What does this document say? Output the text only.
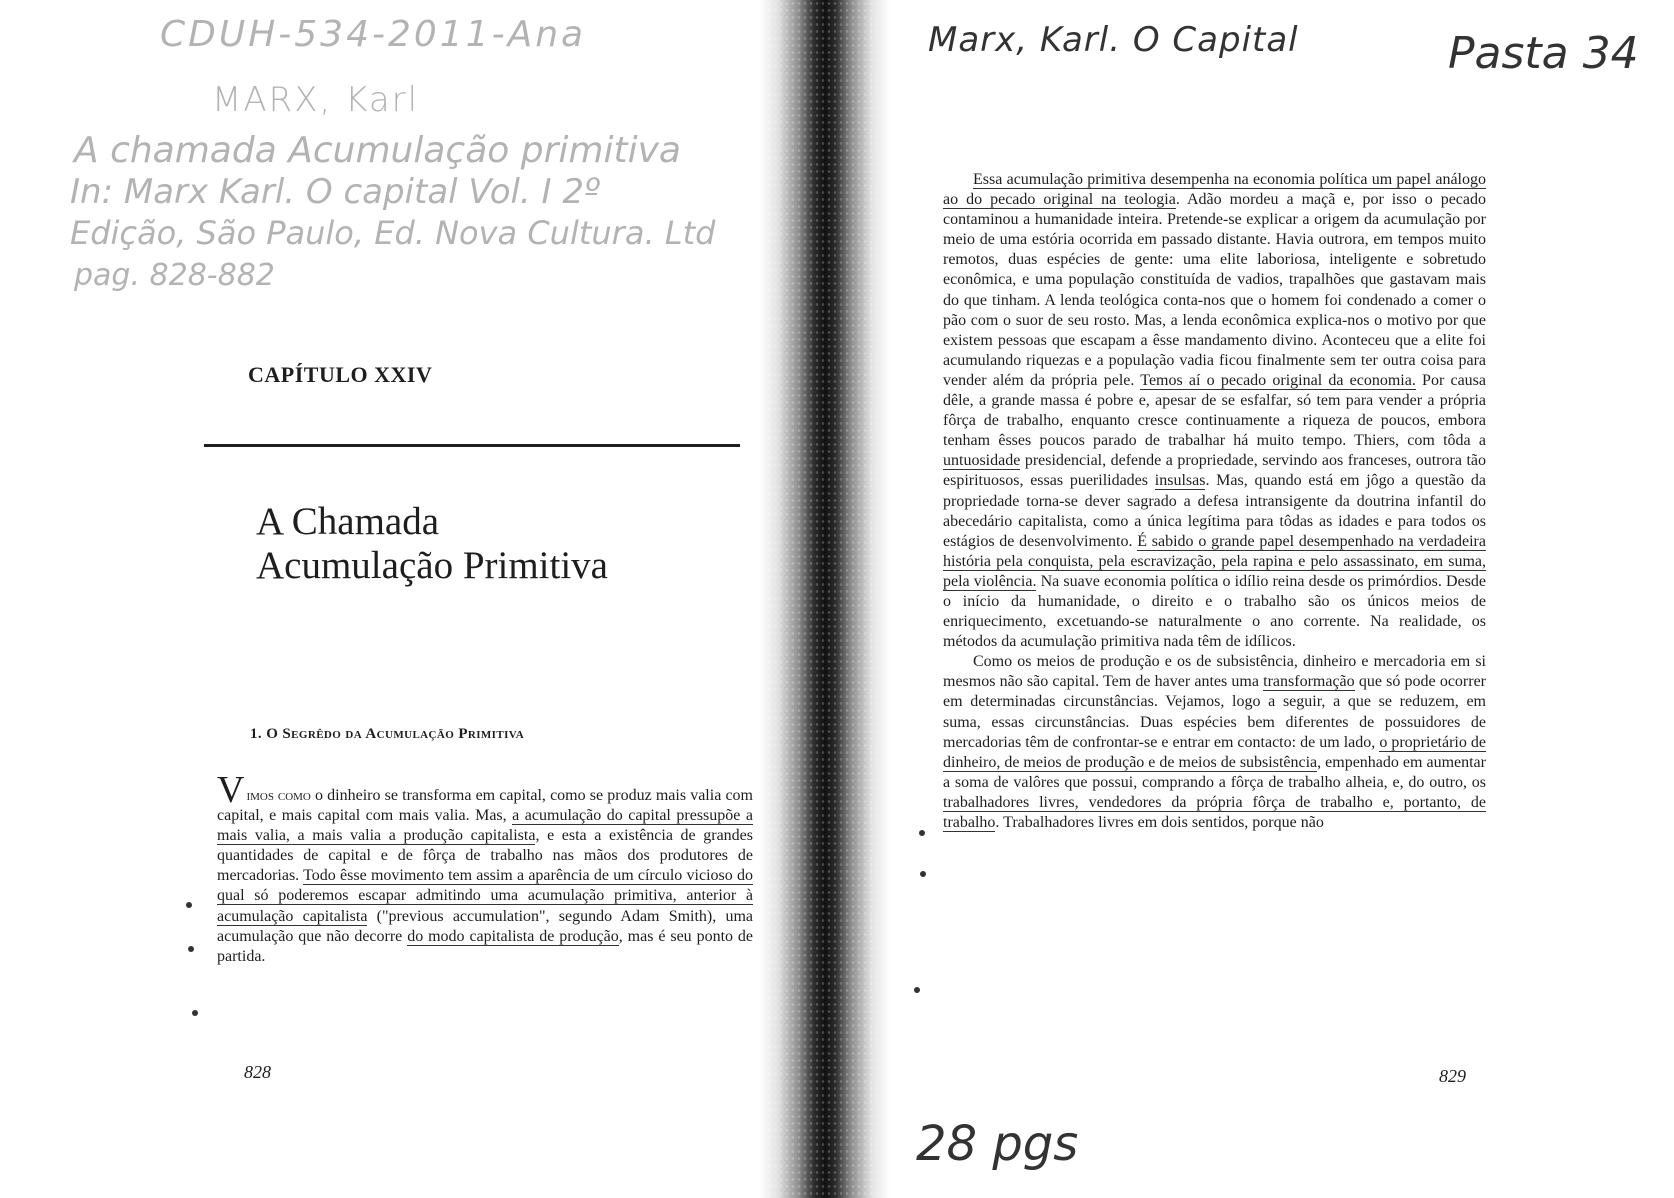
CDUH-534-2011-Ana
MARX, Karl
A chamada Acumulação primitiva
In: Marx Karl. O capital Vol. I 2º
Edição, São Paulo, Ed. Nova Cultura. Ltd
pag. 828-882
CAPÍTULO XXIV
A Chamada
Acumulação Primitiva
1. O Segrêdo da Acumulação Primitiva
Vimos como o dinheiro se transforma em capital, como se produz mais valia com capital, e mais capital com mais valia. Mas, a acumulação do capital pressupõe a mais valia, a mais valia a produção capitalista, e esta a existência de grandes quantidades de capital e de fôrça de trabalho nas mãos dos produtores de mercadorias. Todo êsse movimento tem assim a aparência de um círculo vicioso do qual só poderemos escapar admitindo uma acumulação primitiva, anterior à acumulação capitalista ("previous accumulation", segundo Adam Smith), uma acumulação que não decorre do modo capitalista de produção, mas é seu ponto de partida.
828
Marx, Karl. O Capital	Pasta 34
28 pgs

Essa acumulação primitiva desempenha na economia política um papel análogo ao do pecado original na teologia. Adão mordeu a maçã e, por isso o pecado contaminou a humanidade inteira. Pretende-se explicar a origem da acumulação por meio de uma estória ocorrida em passado distante. Havia outrora, em tempos muito remotos, duas espécies de gente: uma elite laboriosa, inteligente e sobretudo econômica, e uma população constituída de vadios, trapalhões que gastavam mais do que tinham. A lenda teológica conta-nos que o homem foi condenado a comer o pão com o suor de seu rosto. Mas, a lenda econômica explica-nos o motivo por que existem pessoas que escapam a êsse mandamento divino. Aconteceu que a elite foi acumulando riquezas e a população vadia ficou finalmente sem ter outra coisa para vender além da própria pele. Temos aí o pecado original da economia. Por causa dêle, a grande massa é pobre e, apesar de se esfalfar, só tem para vender a própria fôrça de trabalho, enquanto cresce continuamente a riqueza de poucos, embora tenham êsses poucos parado de trabalhar há muito tempo. Thiers, com tôda a untuosidade presidencial, defende a propriedade, servindo aos franceses, outrora tão espirituosos, essas puerilidades insulsas. Mas, quando está em jôgo a questão da propriedade torna-se dever sagrado a defesa intransigente da doutrina infantil do abecedário capitalista, como a única legítima para tôdas as idades e para todos os estágios de desenvolvimento. É sabido o grande papel desempenhado na verdadeira história pela conquista, pela escravização, pela rapina e pelo assassinato, em suma, pela violência. Na suave economia política o idílio reina desde os primórdios. Desde o início da humanidade, o direito e o trabalho são os únicos meios de enriquecimento, excetuando-se naturalmente o ano corrente. Na realidade, os métodos da acumulação primitiva nada têm de idílicos.

Como os meios de produção e os de subsistência, dinheiro e mercadoria em si mesmos não são capital. Tem de haver antes uma transformação que só pode ocorrer em determinadas circunstâncias. Vejamos, logo a seguir, a que se reduzem, em suma, essas circunstâncias. Duas espécies bem diferentes de possuidores de mercadorias têm de confrontar-se e entrar em contacto: de um lado, o proprietário de dinheiro, de meios de produção e de meios de subsistência, empenhado em aumentar a soma de valôres que possui, comprando a fôrça de trabalho alheia, e, do outro, os trabalhadores livres, vendedores da própria fôrça de trabalho e, portanto, de trabalho. Trabalhadores livres em dois sentidos, porque não

829
